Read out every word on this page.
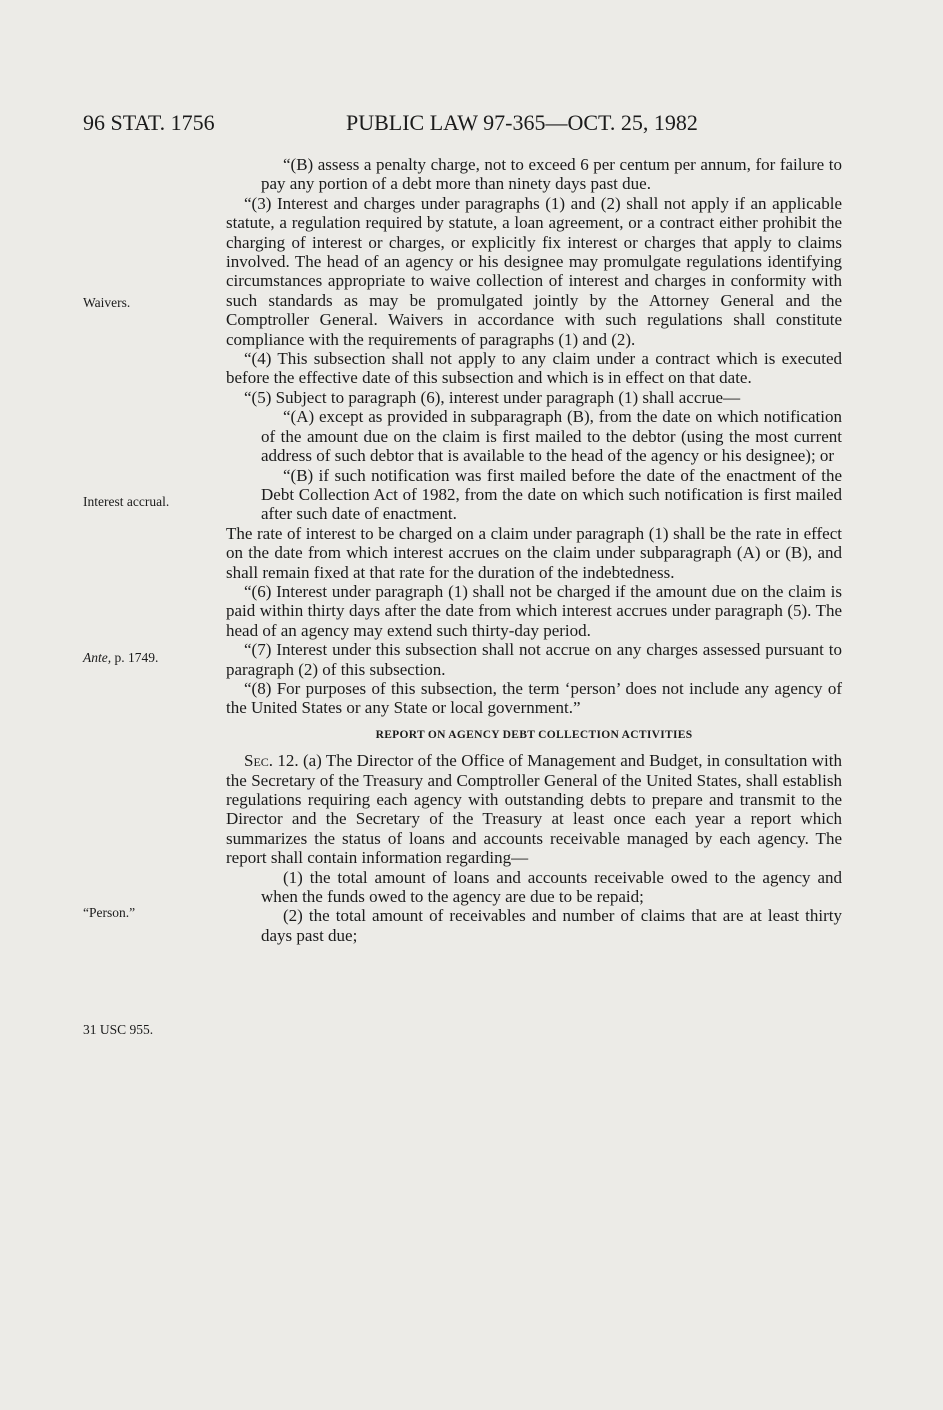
96 STAT. 1756	PUBLIC LAW 97-365—OCT. 25, 1982
Waivers.
Interest accrual.
Ante, p. 1749.
“Person.”
31 USC 955.

“(B) assess a penalty charge, not to exceed 6 per centum per annum, for failure to pay any portion of a debt more than ninety days past due.

“(3) Interest and charges under paragraphs (1) and (2) shall not apply if an applicable statute, a regulation required by statute, a loan agreement, or a contract either prohibit the charging of interest or charges, or explicitly fix interest or charges that apply to claims involved. The head of an agency or his designee may promulgate regulations identifying circumstances appropriate to waive collection of interest and charges in conformity with such standards as may be promulgated jointly by the Attorney General and the Comptroller General. Waivers in accordance with such regulations shall constitute compliance with the requirements of paragraphs (1) and (2).

“(4) This subsection shall not apply to any claim under a contract which is executed before the effective date of this subsection and which is in effect on that date.

“(5) Subject to paragraph (6), interest under paragraph (1) shall accrue—

“(A) except as provided in subparagraph (B), from the date on which notification of the amount due on the claim is first mailed to the debtor (using the most current address of such debtor that is available to the head of the agency or his designee); or

“(B) if such notification was first mailed before the date of the enactment of the Debt Collection Act of 1982, from the date on which such notification is first mailed after such date of enactment.

The rate of interest to be charged on a claim under paragraph (1) shall be the rate in effect on the date from which interest accrues on the claim under subparagraph (A) or (B), and shall remain fixed at that rate for the duration of the indebtedness.

“(6) Interest under paragraph (1) shall not be charged if the amount due on the claim is paid within thirty days after the date from which interest accrues under paragraph (5). The head of an agency may extend such thirty-day period.

“(7) Interest under this subsection shall not accrue on any charges assessed pursuant to paragraph (2) of this subsection.

“(8) For purposes of this subsection, the term ‘person’ does not include any agency of the United States or any State or local government.”

REPORT ON AGENCY DEBT COLLECTION ACTIVITIES

Sec. 12. (a) The Director of the Office of Management and Budget, in consultation with the Secretary of the Treasury and Comptroller General of the United States, shall establish regulations requiring each agency with outstanding debts to prepare and transmit to the Director and the Secretary of the Treasury at least once each year a report which summarizes the status of loans and accounts receivable managed by each agency. The report shall contain information regarding—

(1) the total amount of loans and accounts receivable owed to the agency and when the funds owed to the agency are due to be repaid;

(2) the total amount of receivables and number of claims that are at least thirty days past due;
